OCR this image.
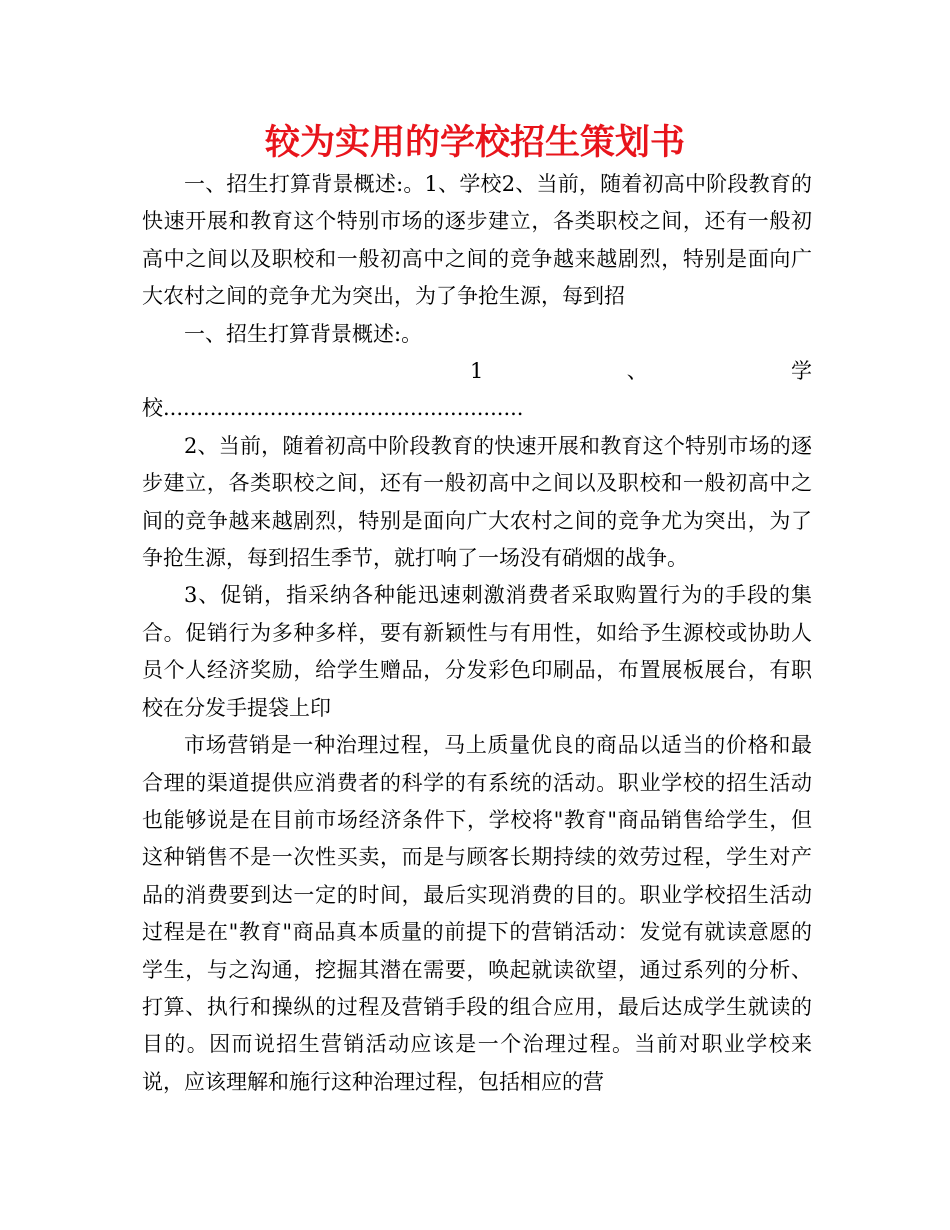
较为实用的学校招生策划书

一、招生打算背景概述:。1、学校2、当前，随着初高中阶段教育的快速开展和教育这个特别市场的逐步建立，各类职校之间，还有一般初高中之间以及职校和一般初高中之间的竞争越来越剧烈，特别是面向广大农村之间的竞争尤为突出，为了争抢生源，每到招

一、招生打算背景概述:。

1	、	学

校......................................................

2、当前，随着初高中阶段教育的快速开展和教育这个特别市场的逐步建立，各类职校之间，还有一般初高中之间以及职校和一般初高中之间的竞争越来越剧烈，特别是面向广大农村之间的竞争尤为突出，为了争抢生源，每到招生季节，就打响了一场没有硝烟的战争。

3、促销，指采纳各种能迅速刺激消费者采取购置行为的手段的集合。促销行为多种多样，要有新颖性与有用性，如给予生源校或协助人员个人经济奖励，给学生赠品，分发彩色印刷品，布置展板展台，有职校在分发手提袋上印

市场营销是一种治理过程，马上质量优良的商品以适当的价格和最合理的渠道提供应消费者的科学的有系统的活动。职业学校的招生活动也能够说是在目前市场经济条件下，学校将"教育"商品销售给学生，但这种销售不是一次性买卖，而是与顾客长期持续的效劳过程，学生对产品的消费要到达一定的时间，最后实现消费的目的。职业学校招生活动过程是在"教育"商品真本质量的前提下的营销活动：发觉有就读意愿的学生，与之沟通，挖掘其潜在需要，唤起就读欲望，通过系列的分析、打算、执行和操纵的过程及营销手段的组合应用，最后达成学生就读的目的。因而说招生营销活动应该是一个治理过程。当前对职业学校来说，应该理解和施行这种治理过程，包括相应的营
